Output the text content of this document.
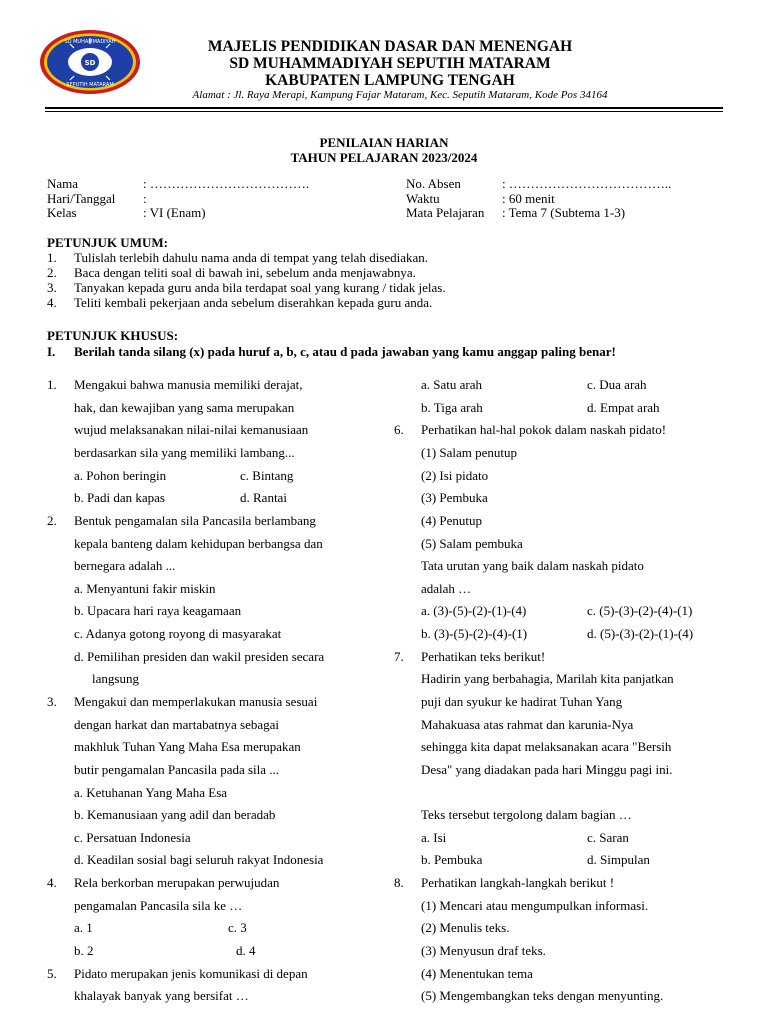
SD
SD MUHAMMADIYAH
SEPUTIH MATARAM
MAJELIS PENDIDIKAN DASAR DAN MENENGAH
SD MUHAMMADIYAH SEPUTIH MATARAM
KABUPATEN LAMPUNG TENGAH
Alamat : Jl. Raya Merapi, Kampung Fajar Mataram, Kec. Seputih Mataram, Kode Pos 34164
PENILAIAN HARIAN
TAHUN PELAJARAN 2023/2024
Nama	: ……………………………….
Hari/Tanggal :
Kelas	: VI (Enam)
No. Absen	: ………………………………..
Waktu	: 60 menit
Mata Pelajaran : Tema 7 (Subtema 1-3)
PETUNJUK UMUM:
1. Tulislah terlebih dahulu nama anda di tempat yang telah disediakan.
2. Baca dengan teliti soal di bawah ini, sebelum anda menjawabnya.
3. Tanyakan kepada guru anda bila terdapat soal yang kurang / tidak jelas.
4. Teliti kembali pekerjaan anda sebelum diserahkan kepada guru anda.
PETUNJUK KHUSUS:
I. Berilah tanda silang (x) pada huruf a, b, c, atau d pada jawaban yang kamu anggap paling benar!
1. Mengakui bahwa manusia memiliki derajat,
hak, dan kewajiban yang sama merupakan
wujud melaksanakan nilai-nilai kemanusiaan
berdasarkan sila yang memiliki lambang...
a. Pohon beringin	c. Bintang
b. Padi dan kapas	d. Rantai
2. Bentuk pengamalan sila Pancasila berlambang
kepala banteng dalam kehidupan berbangsa dan
bernegara adalah ...
a. Menyantuni fakir miskin
b. Upacara hari raya keagamaan
c. Adanya gotong royong di masyarakat
d. Pemilihan presiden dan wakil presiden secara
langsung
3. Mengakui dan memperlakukan manusia sesuai
dengan harkat dan martabatnya sebagai
makhluk Tuhan Yang Maha Esa merupakan
butir pengamalan Pancasila pada sila ...
a. Ketuhanan Yang Maha Esa
b. Kemanusiaan yang adil dan beradab
c. Persatuan Indonesia
d. Keadilan sosial bagi seluruh rakyat Indonesia
4. Rela berkorban merupakan perwujudan
pengamalan Pancasila sila ke …
a. 1	c. 3
b. 2	d. 4
5. Pidato merupakan jenis komunikasi di depan
khalayak banyak yang bersifat …
a. Satu arah	c. Dua arah
b. Tiga arah	d. Empat arah
6. Perhatikan hal-hal pokok dalam naskah pidato!
(1) Salam penutup
(2) Isi pidato
(3) Pembuka
(4) Penutup
(5) Salam pembuka
Tata urutan yang baik dalam naskah pidato
adalah …
a. (3)-(5)-(2)-(1)-(4)	c. (5)-(3)-(2)-(4)-(1)
b. (3)-(5)-(2)-(4)-(1)	d. (5)-(3)-(2)-(1)-(4)
7. Perhatikan teks berikut!
Hadirin yang berbahagia, Marilah kita panjatkan
puji dan syukur ke hadirat Tuhan Yang
Mahakuasa atas rahmat dan karunia-Nya
sehingga kita dapat melaksanakan acara "Bersih
Desa" yang diadakan pada hari Minggu pagi ini.
Teks tersebut tergolong dalam bagian …
a. Isi	c. Saran
b. Pembuka	d. Simpulan
8. Perhatikan langkah-langkah berikut !
(1) Mencari atau mengumpulkan informasi.
(2) Menulis teks.
(3) Menyusun draf teks.
(4) Menentukan tema
(5) Mengembangkan teks dengan menyunting.
